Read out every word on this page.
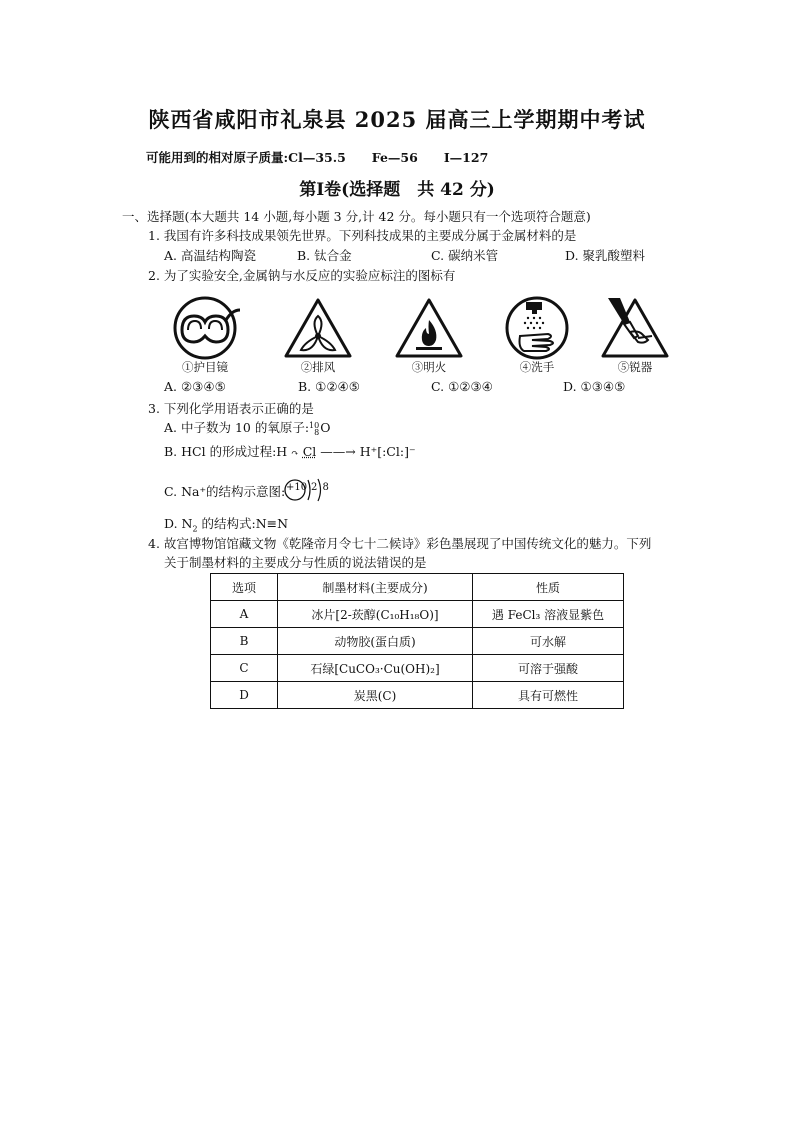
陕西省咸阳市礼泉县 2025 届高三上学期期中考试
可能用到的相对原子质量:Cl—35.5 Fe—56 I—127
第Ⅰ卷(选择题　共 42 分)
一、选择题(本大题共 14 小题,每小题 3 分,计 42 分。每小题只有一个选项符合题意)
1. 我国有许多科技成果领先世界。下列科技成果的主要成分属于金属材料的是
A. 高温结构陶瓷	B. 钛合金	C. 碳纳米管	D. 聚乳酸塑料
2. 为了实验安全,金属钠与水反应的实验应标注的图标有
①护目镜	②排风	③明火	④洗手	⑤锐器
A. ②③④⑤	B. ①②④⑤	C. ①②③④	D. ①③④⑤
3. 下列化学用语表示正确的是
A. 中子数为 10 的氧原子:10
8O
B. HCl 的形成过程:H ↷ Cl ——→ H⁺[:Cl:]⁻
C. Na⁺的结构示意图: +10 2 8
D. $N_2$ 的结构式:N≡N
4. 故宫博物馆馆藏文物《乾隆帝月令七十二候诗》彩色墨展现了中国传统文化的魅力。下列
关于制墨材料的主要成分与性质的说法错误的是
选项	制墨材料(主要成分)	性质
A	冰片[2-莰醇(C₁₀H₁₈O)]	遇 FeCl₃ 溶液显紫色
B	动物胶(蛋白质)	可水解
C	石绿[CuCO₃·Cu(OH)₂]	可溶于强酸
D	炭黑(C)	具有可燃性
